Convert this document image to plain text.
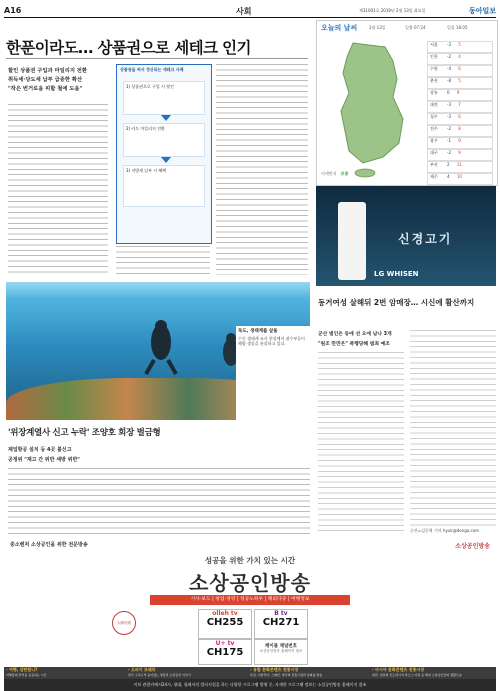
A16	사회	제31001호 2019년 2월 13일 화요일	동아일보
한푼이라도… 상품권으로 세테크 인기
할인 상품권 구입과 마일리지 전환
취득세·당도세 납부 급증한 확산
"작은 번거로움 피할 철에 도움"
상품권을 써서 정산되는 세테크 사례
1) 상품권으로 구입 시 할인
2) 카드 마일리지 전환
3) 지방세 납부 시 혜택
오늘의 날씨	2월 13일	일출 07:24	일몰 18:05
미세먼지 보통
서울 -3 5
인천 -2 4
수원 -4 6
춘천 -8 5
강릉 0 9
대전 -3 7
청주 -3 6
전주 -2 8
광주 -1 9
대구 -2 9
부산 2 11
제주 4 10
신경고기
LG WHISEN
독도, 생태계를 살돌
수중 생태계 조사 현장에서 잠수부들이 해양 생물을 관찰하고 있다.
'위장계열사 신고 누락' 조양호 회장 벌금형
제일항공 설치 등 4곳 불신고
공정위 "재고 간 위반 세방 위반"
동거여성 살해뒤 2번 암매장… 시신에 활산까지
군산 범인은 동에 선 오에 남나 3개
"원조 만만은" 폭행당해 범죄 예조
군산=김동혁 기자 hyuk@donga.com
중소벤처 소상공인을 위한 전문방송	소상공인방송
성공을 위한 가치 있는 시간
소상공인방송
시사·보도 | 창업·경영 | 성공노하우 | 해외다큐 | 여행정보
大韓民國
olleh tv
CH255
B tv
CH271
U+ tv
CH175
케이블 채널번호
소상공인방송 홈페이지 참조
- 여행, 감탄합니?
여해들의 추억을 공유하는 시간
- 오피이 보쉐리
한국 구석구석 숨어있는 명물과 소상공인 이야기
- 유럽 문화콘텐츠 전통시장
특집, 이탈리아, 스페인, 영국의 전통시장과 문화를 방송
- 아시아 문화콘텐츠 전통시장
대만, 일본의 인도네시아 라오스 다큐 등 해외 소상공인들의 생활모습
이보 관람카에서24시, 평대, 필레서의 엄터사업을 하는 다양한 프로그램 방영 중, 자세한 프로그램 정보는 소상공인방송 홈페이지 참조
